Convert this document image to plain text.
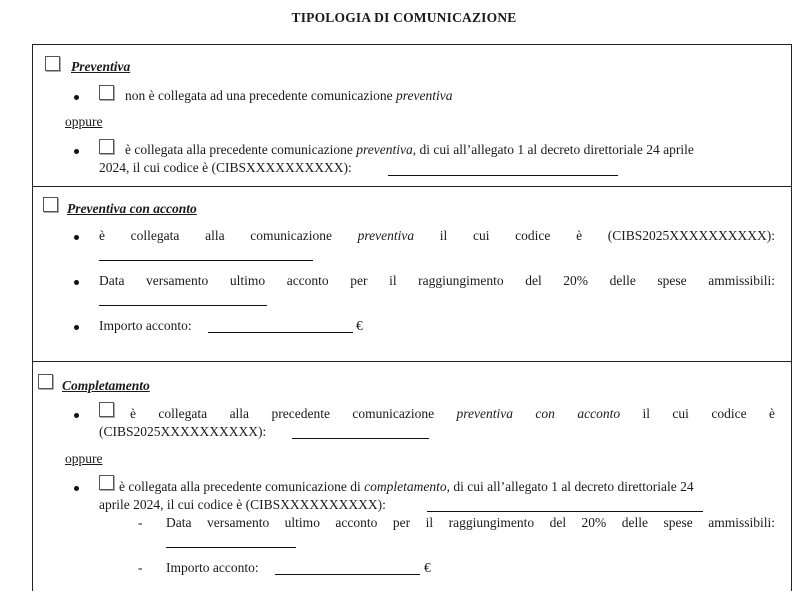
TIPOLOGIA DI COMUNICAZIONE
Preventiva
non è collegata ad una precedente comunicazione preventiva
oppure
è collegata alla precedente comunicazione preventiva, di cui all’allegato 1 al decreto direttoriale 24 aprile
2024, il cui codice è (CIBSXXXXXXXXXX):
Preventiva con acconto
è collegata alla comunicazione preventiva il cui codice è (CIBS2025XXXXXXXXXX):
Data versamento ultimo acconto per il raggiungimento del 20% delle spese ammissibili:
Importo acconto:	€
Completamento
è collegata alla precedente comunicazione preventiva con acconto il cui codice è
(CIBS2025XXXXXXXXXX):
oppure
è collegata alla precedente comunicazione di completamento, di cui all’allegato 1 al decreto direttoriale 24
aprile 2024, il cui codice è (CIBSXXXXXXXXXX):
- Data versamento ultimo acconto per il raggiungimento del 20% delle spese ammissibili:
- Importo acconto:	€
